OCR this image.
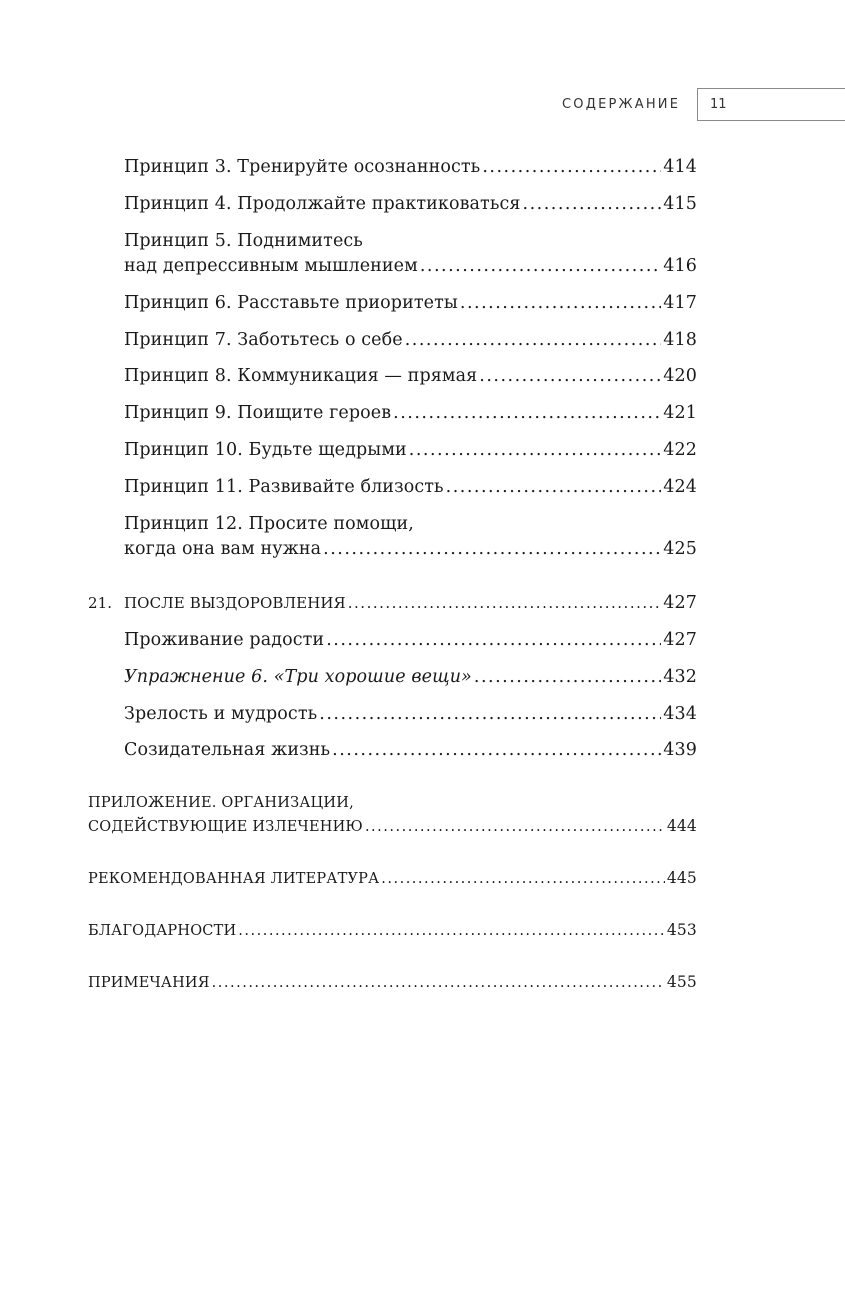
СОДЕРЖАНИЕ 11
Принцип 3. Тренируйте осознанность .....	414
Принцип 4. Продолжайте практиковаться .....	415
Принцип 5. Поднимитесь
над депрессивным мышлением .....	416
Принцип 6. Расставьте приоритеты .....	417
Принцип 7. Заботьтесь о себе .....	418
Принцип 8. Коммуникация — прямая .....	420
Принцип 9. Поищите героев .....	421
Принцип 10. Будьте щедрыми .....	422
Принцип 11. Развивайте близость .....	424
Принцип 12. Просите помощи,
когда она вам нужна .....	425
21. ПОСЛЕ ВЫЗДОРОВЛЕНИЯ .....	427
Проживание радости .....	427
Упражнение 6. «Три хорошие вещи» .....	432
Зрелость и мудрость .....	434
Созидательная жизнь .....	439
ПРИЛОЖЕНИЕ. ОРГАНИЗАЦИИ,
СОДЕЙСТВУЮЩИЕ ИЗЛЕЧЕНИЮ .....	444
РЕКОМЕНДОВАННАЯ ЛИТЕРАТУРА .....	445
БЛАГОДАРНОСТИ .....	453
ПРИМЕЧАНИЯ .....	455
